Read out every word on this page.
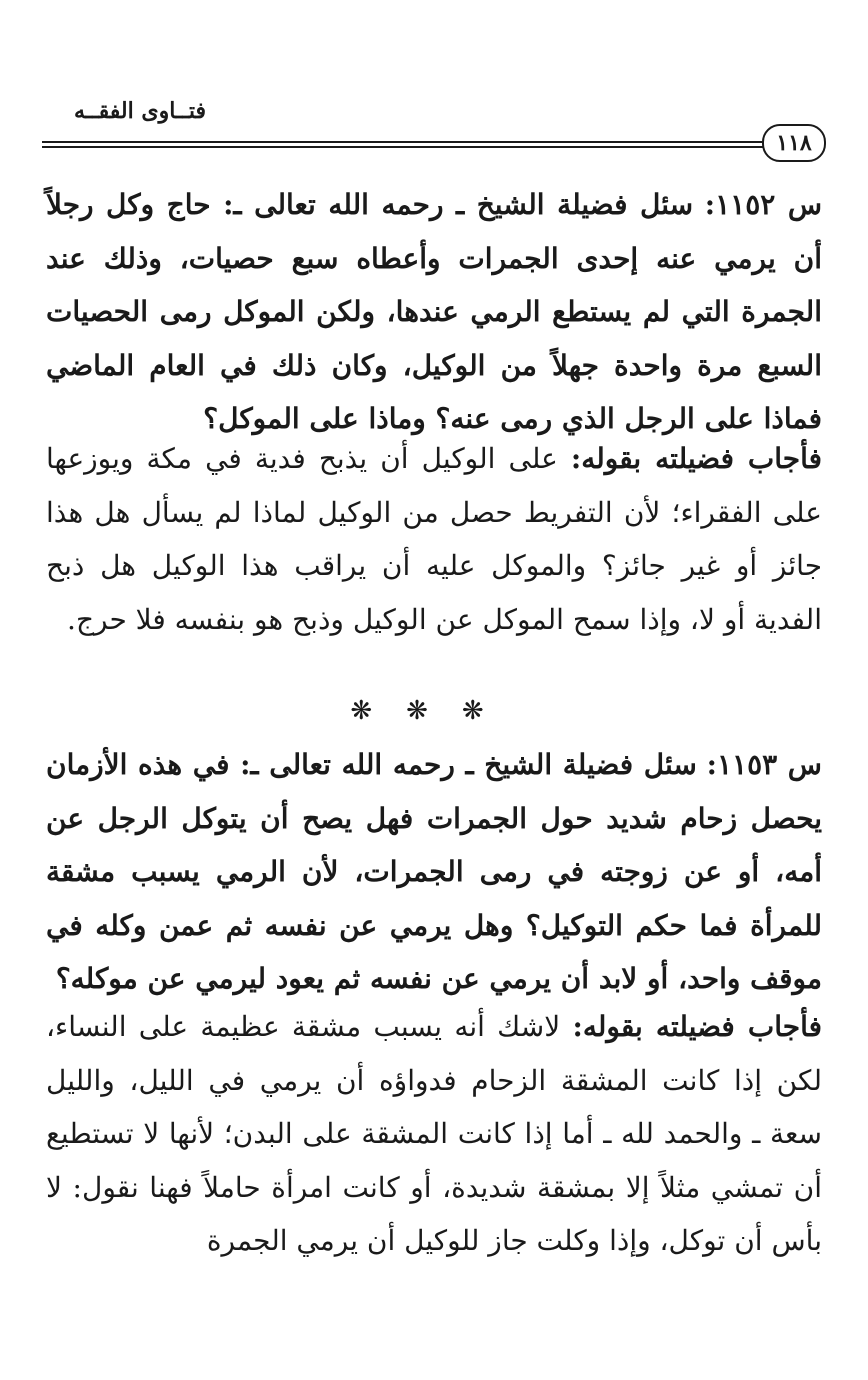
فتــاوى الفقــه
١١٨
س ١١٥٢: سئل فضيلة الشيخ ـ رحمه الله تعالى ـ: حاج وكل رجلاً أن يرمي عنه إحدى الجمرات وأعطاه سبع حصيات، وذلك عند الجمرة التي لم يستطع الرمي عندها، ولكن الموكل رمى الحصيات السبع مرة واحدة جهلاً من الوكيل، وكان ذلك في العام الماضي فماذا على الرجل الذي رمى عنه؟ وماذا على الموكل؟
فأجاب فضيلته بقوله: على الوكيل أن يذبح فدية في مكة ويوزعها على الفقراء؛ لأن التفريط حصل من الوكيل لماذا لم يسأل هل هذا جائز أو غير جائز؟ والموكل عليه أن يراقب هذا الوكيل هل ذبح الفدية أو لا، وإذا سمح الموكل عن الوكيل وذبح هو بنفسه فلا حرج.
❋❋❋
س ١١٥٣: سئل فضيلة الشيخ ـ رحمه الله تعالى ـ: في هذه الأزمان يحصل زحام شديد حول الجمرات فهل يصح أن يتوكل الرجل عن أمه، أو عن زوجته في رمى الجمرات، لأن الرمي يسبب مشقة للمرأة فما حكم التوكيل؟ وهل يرمي عن نفسه ثم عمن وكله في موقف واحد، أو لابد أن يرمي عن نفسه ثم يعود ليرمي عن موكله؟
فأجاب فضيلته بقوله: لاشك أنه يسبب مشقة عظيمة على النساء، لكن إذا كانت المشقة الزحام فدواؤه أن يرمي في الليل، والليل سعة ـ والحمد لله ـ أما إذا كانت المشقة على البدن؛ لأنها لا تستطيع أن تمشي مثلاً إلا بمشقة شديدة، أو كانت امرأة حاملاً فهنا نقول: لا بأس أن توكل، وإذا وكلت جاز للوكيل أن يرمي الجمرة
